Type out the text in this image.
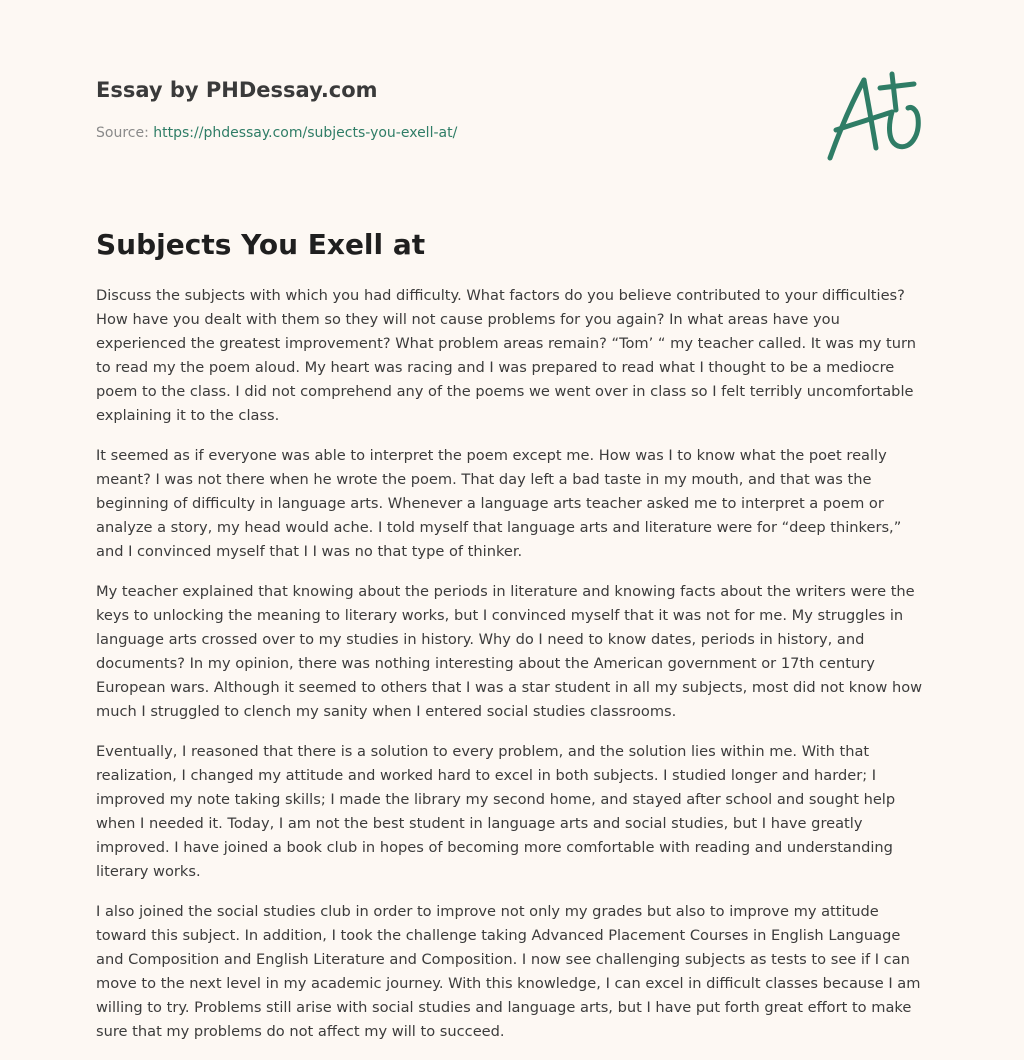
Essay by PHDessay.com
Source: https://phdessay.com/subjects-you-exell-at/
Subjects You Exell at

Discuss the subjects with which you had difficulty. What factors do you believe contributed to your difficulties? How have you dealt with them so they will not cause problems for you again? In what areas have you experienced the greatest improvement? What problem areas remain? “Tom’ “ my teacher called. It was my turn to read my the poem aloud. My heart was racing and I was prepared to read what I thought to be a mediocre poem to the class. I did not comprehend any of the poems we went over in class so I felt terribly uncomfortable explaining it to the class.

It seemed as if everyone was able to interpret the poem except me. How was I to know what the poet really meant? I was not there when he wrote the poem. That day left a bad taste in my mouth, and that was the beginning of difficulty in language arts. Whenever a language arts teacher asked me to interpret a poem or analyze a story, my head would ache. I told myself that language arts and literature were for “deep thinkers,” and I convinced myself that I I was no that type of thinker.

My teacher explained that knowing about the periods in literature and knowing facts about the writers were the keys to unlocking the meaning to literary works, but I convinced myself that it was not for me. My struggles in language arts crossed over to my studies in history. Why do I need to know dates, periods in history, and documents? In my opinion, there was nothing interesting about the American government or 17th century European wars. Although it seemed to others that I was a star student in all my subjects, most did not know how much I struggled to clench my sanity when I entered social studies classrooms.

Eventually, I reasoned that there is a solution to every problem, and the solution lies within me. With that realization, I changed my attitude and worked hard to excel in both subjects. I studied longer and harder; I improved my note taking skills; I made the library my second home, and stayed after school and sought help when I needed it. Today, I am not the best student in language arts and social studies, but I have greatly improved. I have joined a book club in hopes of becoming more comfortable with reading and understanding literary works.

I also joined the social studies club in order to improve not only my grades but also to improve my attitude toward this subject. In addition, I took the challenge taking Advanced Placement Courses in English Language and Composition and English Literature and Composition. I now see challenging subjects as tests to see if I can move to the next level in my academic journey. With this knowledge, I can excel in difficult classes because I am willing to try. Problems still arise with social studies and language arts, but I have put forth great effort to make sure that my problems do not affect my will to succeed.
